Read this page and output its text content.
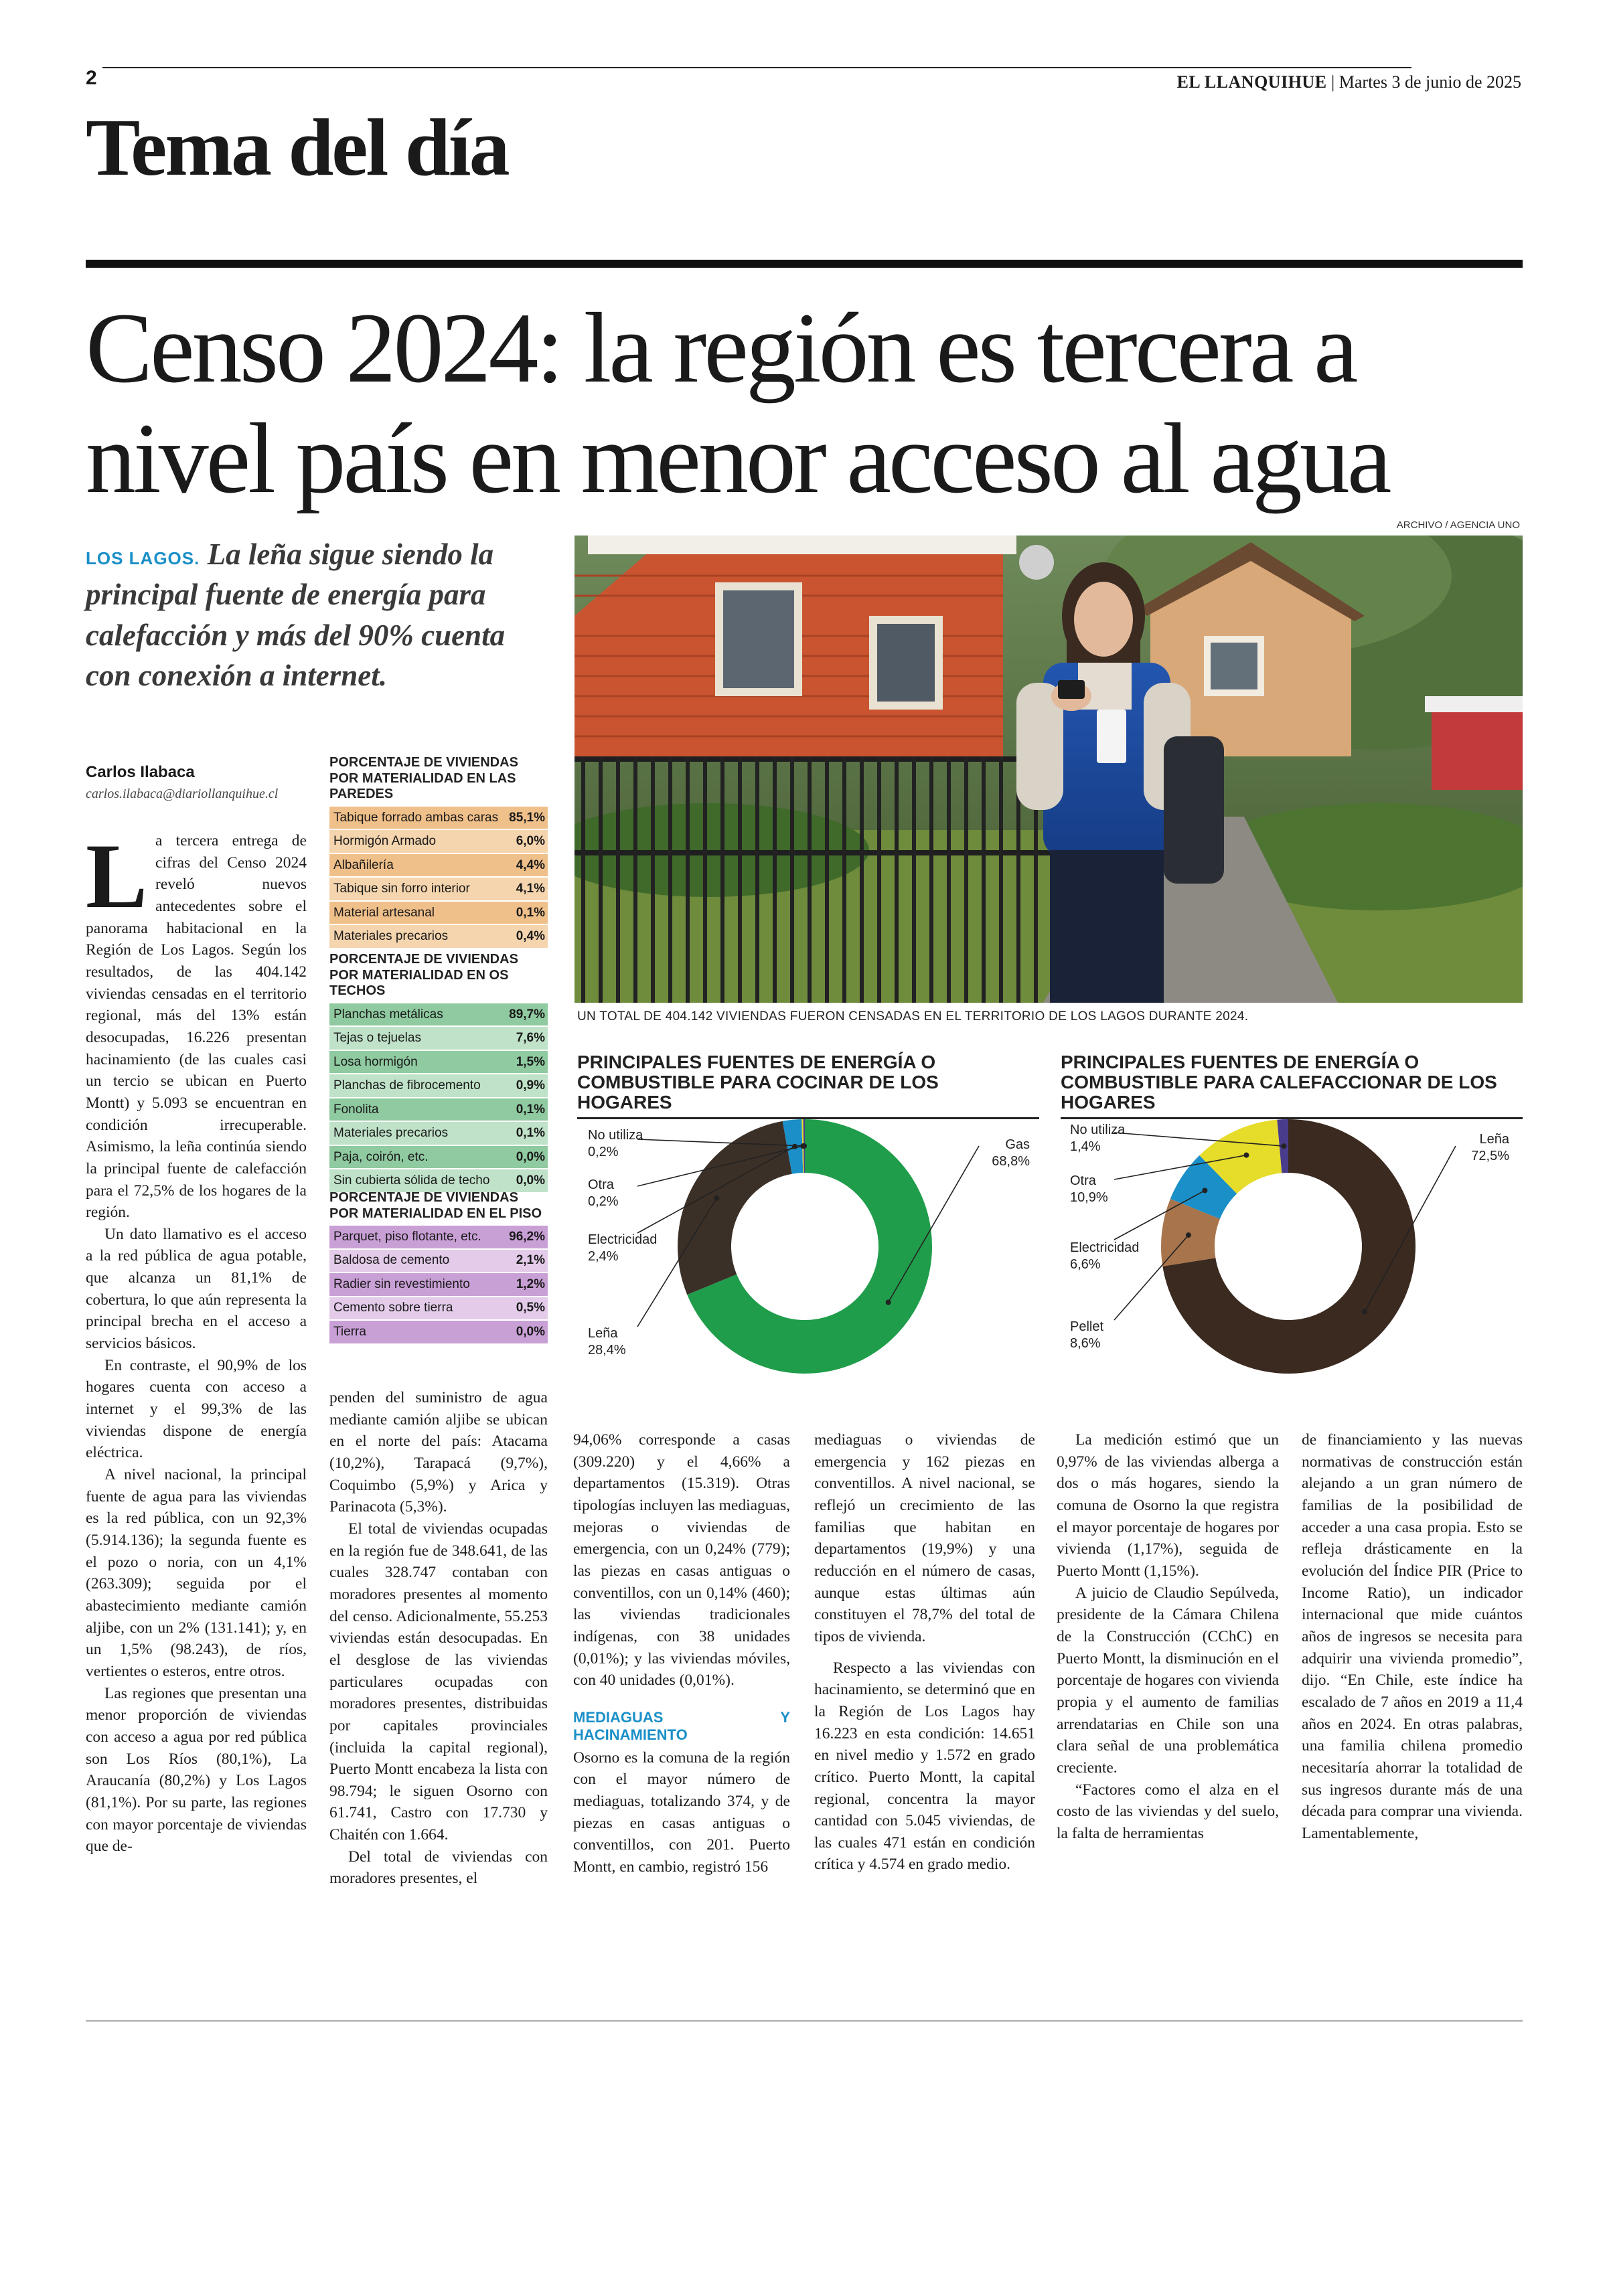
2	EL LLANQUIHUE | Martes 3 de junio de 2025
Tema del día
Censo 2024: la región es tercera a nivel país en menor acceso al agua
LOS LAGOS. La leña sigue siendo la principal fuente de energía para calefacción y más del 90% cuenta con conexión a internet.
Carlos Ilabaca
carlos.ilabaca@diariollanquihue.cl
PORCENTAJE DE VIVIENDAS POR MATERIALIDAD EN LAS PAREDES
Tabique forrado ambas caras 85,1%
Hormigón Armado	6,0%
Albañilería	4,4%
Tabique sin forro interior	4,1%
Material artesanal	0,1%
Materiales precarios	0,4%
PORCENTAJE DE VIVIENDAS POR MATERIALIDAD EN OS TECHOS
Planchas metálicas	89,7%
Tejas o tejuelas	7,6%
Losa hormigón	1,5%
Planchas de fibrocemento	0,9%
Fonolita	0,1%
Materiales precarios	0,1%
Paja, coirón, etc.	0,0%
Sin cubierta sólida de techo 0,0%
PORCENTAJE DE VIVIENDAS POR MATERIALIDAD EN EL PISO
Parquet, piso flotante, etc. 96,2%
Baldosa de cemento	2,1%
Radier sin revestimiento	1,2%
Cemento sobre tierra	0,5%
Tierra	0,0%

La tercera entrega de cifras del Censo 2024 reveló nuevos antecedentes sobre el panorama habitacional en la Región de Los Lagos. Según los resultados, de las 404.142 viviendas censadas en el territorio regional, más del 13% están desocupadas, 16.226 presentan hacinamiento (de las cuales casi un tercio se ubican en Puerto Montt) y 5.093 se encuentran en condición irrecuperable. Asimismo, la leña continúa siendo la principal fuente de calefacción para el 72,5% de los hogares de la región.

Un dato llamativo es el acceso a la red pública de agua potable, que alcanza un 81,1% de cobertura, lo que aún representa la principal brecha en el acceso a servicios básicos.

En contraste, el 90,9% de los hogares cuenta con acceso a internet y el 99,3% de las viviendas dispone de energía eléctrica.

A nivel nacional, la principal fuente de agua para las viviendas es la red pública, con un 92,3% (5.914.136); la segunda fuente es el pozo o noria, con un 4,1% (263.309); seguida por el abastecimiento mediante camión aljibe, con un 2% (131.141); y, en un 1,5% (98.243), de ríos, vertientes o esteros, entre otros.

Las regiones que presentan una menor proporción de viviendas con acceso a agua por red pública son Los Ríos (80,1%), La Araucanía (80,2%) y Los Lagos (81,1%). Por su parte, las regiones con mayor porcentaje de viviendas que de-

penden del suministro de agua mediante camión aljibe se ubican en el norte del país: Atacama (10,2%), Tarapacá (9,7%), Coquimbo (5,9%) y Arica y Parinacota (5,3%).

El total de viviendas ocupadas en la región fue de 348.641, de las cuales 328.747 contaban con moradores presentes al momento del censo. Adicionalmente, 55.253 viviendas están desocupadas. En el desglose de las viviendas particulares ocupadas con moradores presentes, distribuidas por capitales provinciales (incluida la capital regional), Puerto Montt encabeza la lista con 98.794; le siguen Osorno con 61.741, Castro con 17.730 y Chaitén con 1.664.

Del total de viviendas con moradores presentes, el

94,06% corresponde a casas (309.220) y el 4,66% a departamentos (15.319). Otras tipologías incluyen las mediaguas, mejoras o viviendas de emergencia, con un 0,24% (779); las piezas en casas antiguas o conventillos, con un 0,14% (460); las viviendas tradicionales indígenas, con 38 unidades (0,01%); y las viviendas móviles, con 40 unidades (0,01%).

MEDIAGUAS Y HACINAMIENTO

Osorno es la comuna de la región con el mayor número de mediaguas, totalizando 374, y de piezas en casas antiguas o conventillos, con 201. Puerto Montt, en cambio, registró 156

mediaguas o viviendas de emergencia y 162 piezas en conventillos. A nivel nacional, se reflejó un crecimiento de las familias que habitan en departamentos (19,9%) y una reducción en el número de casas, aunque estas últimas aún constituyen el 78,7% del total de tipos de vivienda.

Respecto a las viviendas con hacinamiento, se determinó que en la Región de Los Lagos hay 16.223 en esta condición: 14.651 en nivel medio y 1.572 en grado crítico. Puerto Montt, la capital regional, concentra la mayor cantidad con 5.045 viviendas, de las cuales 471 están en condición crítica y 4.574 en grado medio.

La medición estimó que un 0,97% de las viviendas alberga a dos o más hogares, siendo la comuna de Osorno la que registra el mayor porcentaje de hogares por vivienda (1,17%), seguida de Puerto Montt (1,15%).

A juicio de Claudio Sepúlveda, presidente de la Cámara Chilena de la Construcción (CChC) en Puerto Montt, la disminución en el porcentaje de hogares con vivienda propia y el aumento de familias arrendatarias en Chile son una clara señal de una problemática creciente.

“Factores como el alza en el costo de las viviendas y del suelo, la falta de herramientas

de financiamiento y las nuevas normativas de construcción están alejando a un gran número de familias de la posibilidad de acceder a una casa propia. Esto se refleja drásticamente en la evolución del Índice PIR (Price to Income Ratio), un indicador internacional que mide cuántos años de ingresos se necesita para adquirir una vivienda promedio”, dijo. “En Chile, este índice ha escalado de 7 años en 2019 a 11,4 años en 2024. En otras palabras, una familia chilena promedio necesitaría ahorrar la totalidad de sus ingresos durante más de una década para comprar una vivienda. Lamentablemente,

ARCHIVO / AGENCIA UNO
UN TOTAL DE 404.142 VIVIENDAS FUERON CENSADAS EN EL TERRITORIO DE LOS LAGOS DURANTE 2024.
PRINCIPALES FUENTES DE ENERGÍA O COMBUSTIBLE PARA COCINAR DE LOS HOGARES
No utiliza
0,2%
Otra
0,2%
Electricidad
2,4%
Leña
28,4%
Gas
68,8%
PRINCIPALES FUENTES DE ENERGÍA O COMBUSTIBLE PARA CALEFACCIONAR DE LOS HOGARES
No utiliza
1,4%
Otra
10,9%
Electricidad
6,6%
Pellet
8,6%
Leña
72,5%
